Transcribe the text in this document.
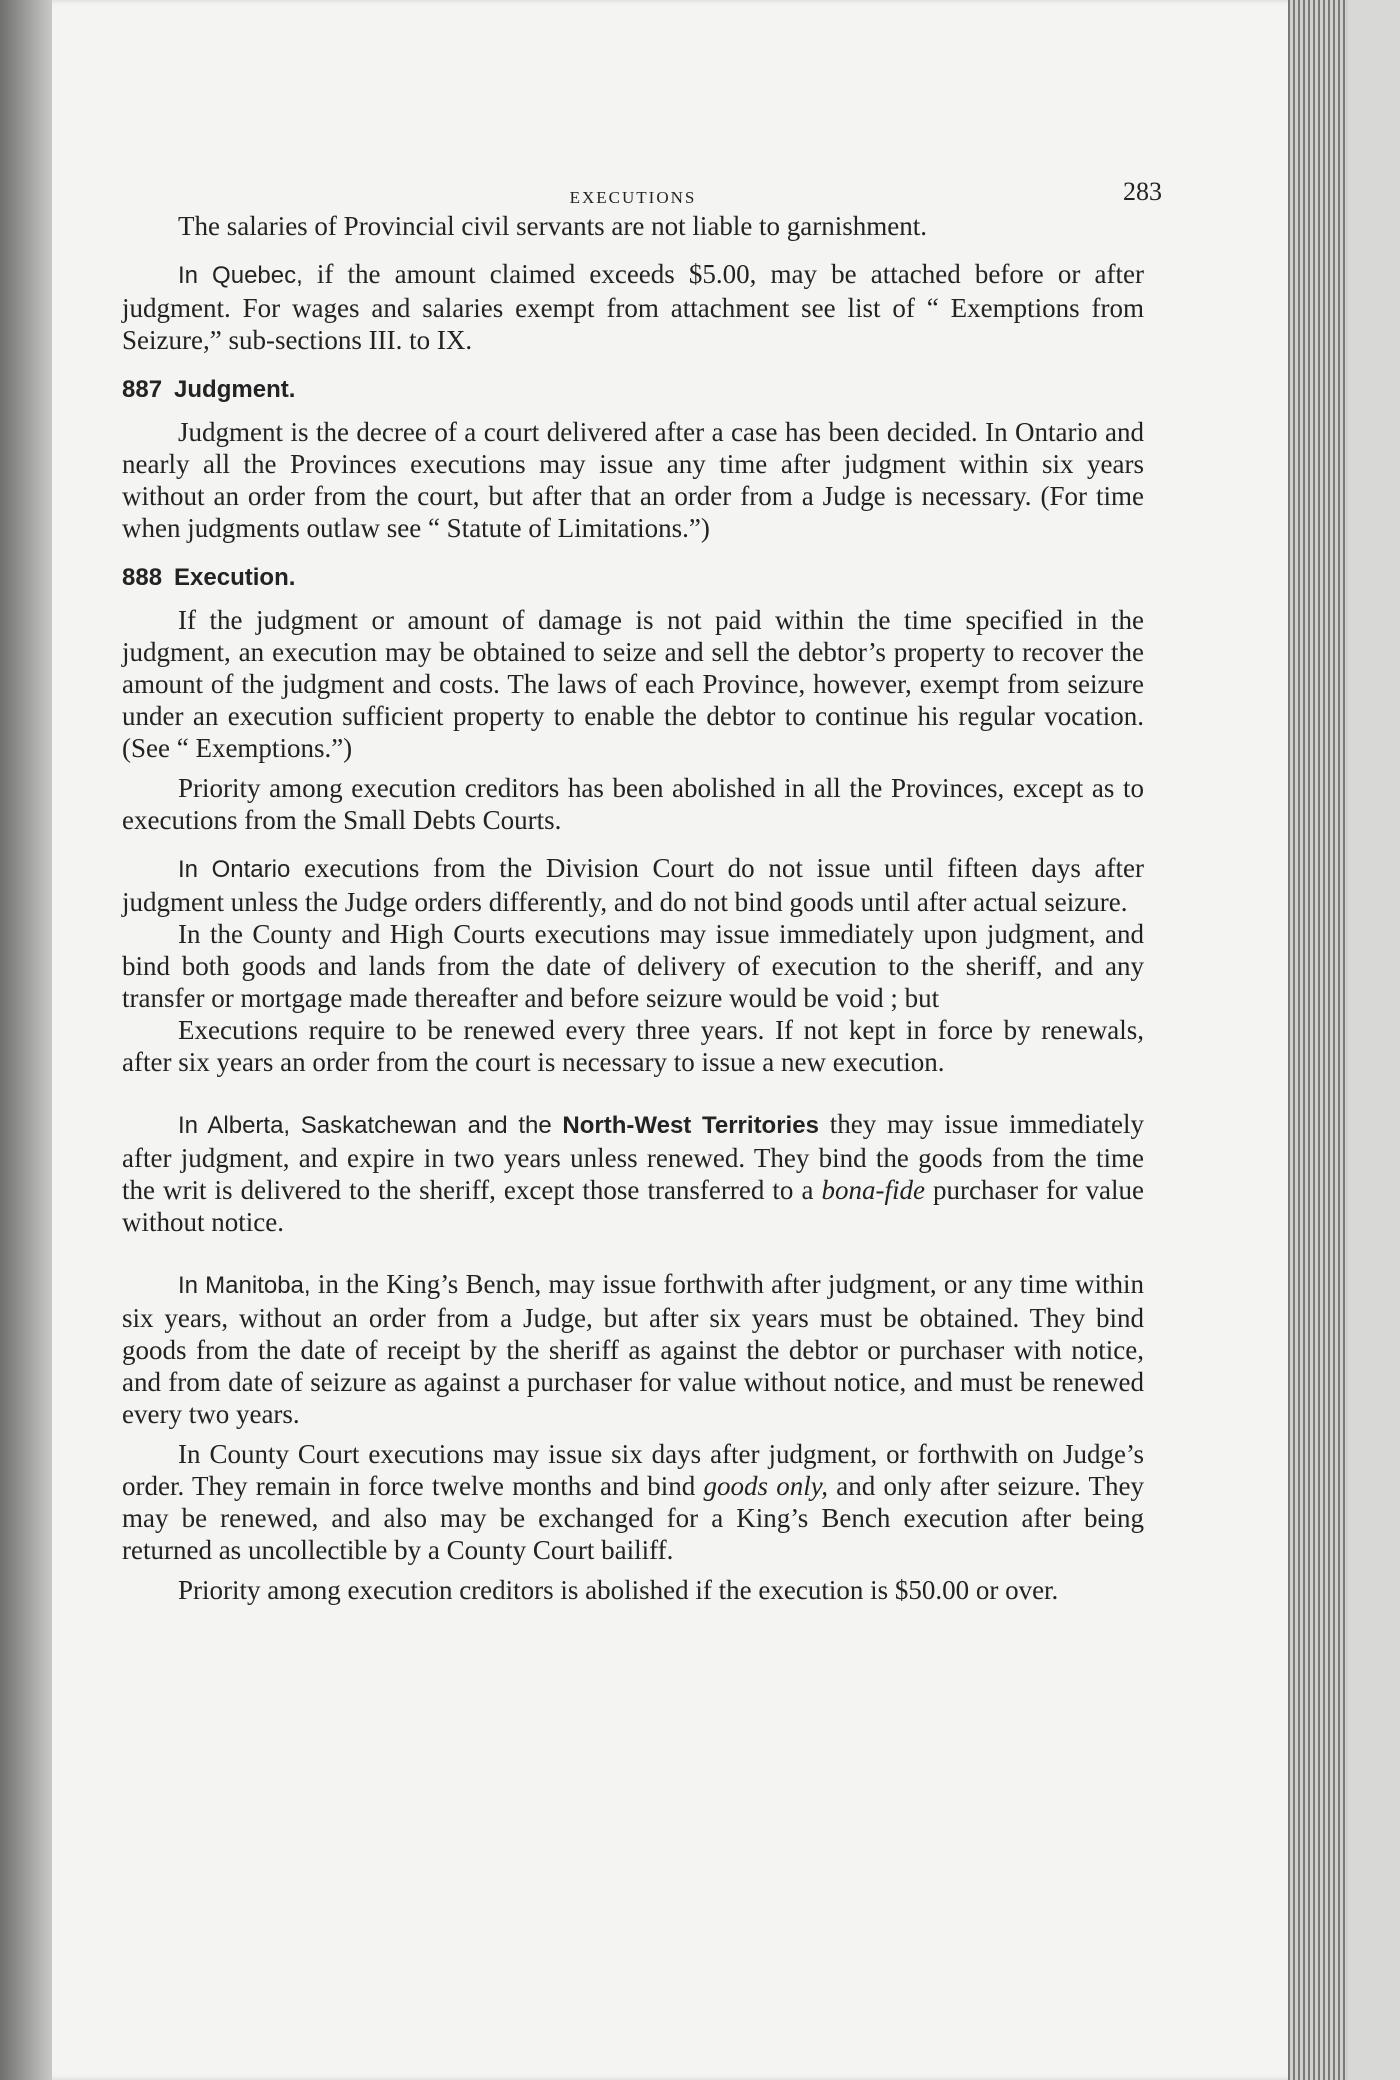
EXECUTIONS	283

The salaries of Provincial civil servants are not liable to garnishment.

In Quebec, if the amount claimed exceeds $5.00, may be attached before or after judgment. For wages and salaries exempt from attachment see list of “ Exemptions from Seizure,” sub-sections III. to IX.

887 Judgment.

Judgment is the decree of a court delivered after a case has been decided. In Ontario and nearly all the Provinces executions may issue any time after judgment within six years without an order from the court, but after that an order from a Judge is necessary. (For time when judgments outlaw see “ Statute of Limitations.”)

888 Execution.

If the judgment or amount of damage is not paid within the time specified in the judgment, an execution may be obtained to seize and sell the debtor’s property to recover the amount of the judgment and costs. The laws of each Province, however, exempt from seizure under an execution sufficient property to enable the debtor to continue his regular vocation. (See “ Exemptions.”)

Priority among execution creditors has been abolished in all the Provinces, except as to executions from the Small Debts Courts.

In Ontario executions from the Division Court do not issue until fifteen days after judgment unless the Judge orders differently, and do not bind goods until after actual seizure.

In the County and High Courts executions may issue immediately upon judgment, and bind both goods and lands from the date of delivery of execution to the sheriff, and any transfer or mortgage made thereafter and before seizure would be void ; but

Executions require to be renewed every three years. If not kept in force by renewals, after six years an order from the court is necessary to issue a new execution.

In Alberta, Saskatchewan and the North-West Territories they may issue immediately after judgment, and expire in two years unless renewed. They bind the goods from the time the writ is delivered to the sheriff, except those transferred to a bona-fide purchaser for value without notice.

In Manitoba, in the King’s Bench, may issue forthwith after judgment, or any time within six years, without an order from a Judge, but after six years must be obtained. They bind goods from the date of receipt by the sheriff as against the debtor or purchaser with notice, and from date of seizure as against a purchaser for value without notice, and must be renewed every two years.

In County Court executions may issue six days after judgment, or forthwith on Judge’s order. They remain in force twelve months and bind goods only, and only after seizure. They may be renewed, and also may be exchanged for a King’s Bench execution after being returned as uncollectible by a County Court bailiff.

Priority among execution creditors is abolished if the execution is $50.00 or over.
